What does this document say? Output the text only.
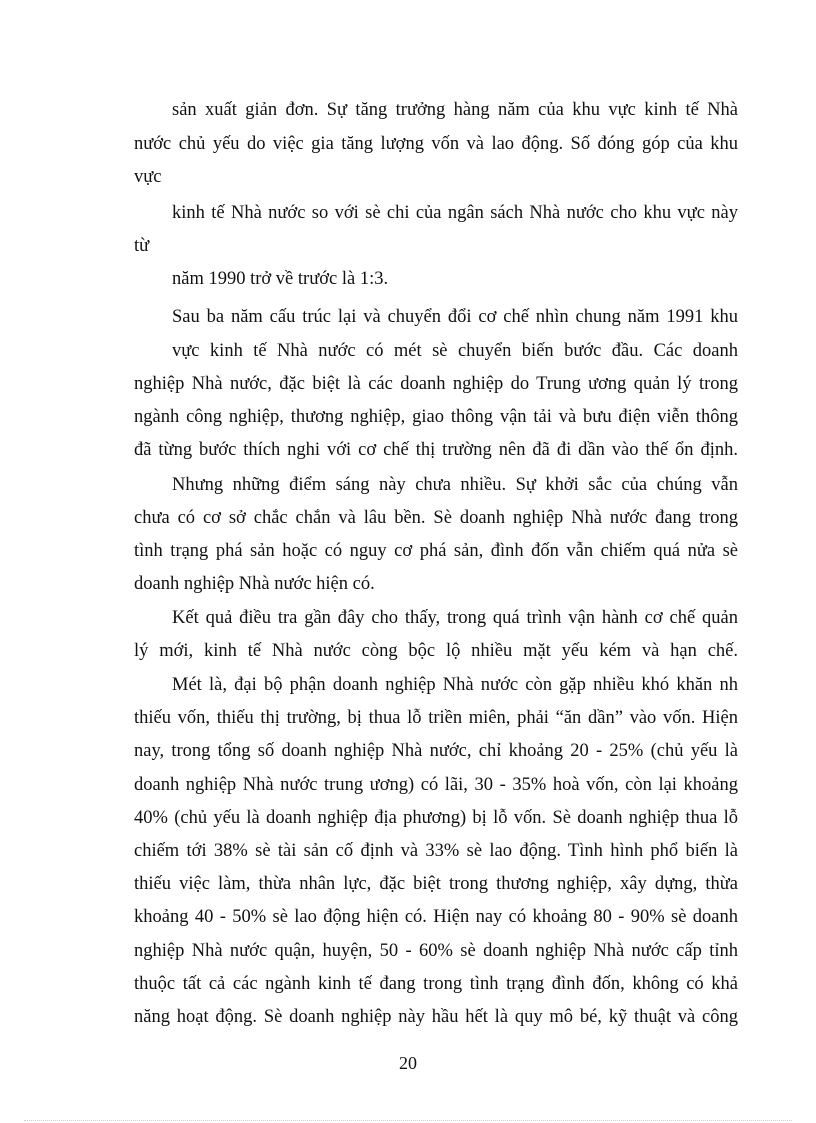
sản xuất giản đơn. Sự tăng trưởng hàng năm của khu vực kinh tế Nhà
nước chủ yếu do việc gia tăng lượng vốn và lao động. Số đóng góp của khu
vực
kinh tế Nhà nước so với sè chi của ngân sách Nhà nước cho khu vực này
từ
năm 1990 trở về trước là 1:3.
Sau ba năm cấu trúc lại và chuyển đổi cơ chế nhìn chung năm 1991 khu
vực kinh tế Nhà nước có mét sè chuyển biến bước đầu. Các doanh
nghiệp Nhà nước, đặc biệt là các doanh nghiệp do Trung ương quản lý trong
ngành công nghiệp, thương nghiệp, giao thông vận tải và bưu điện viễn thông
đã từng bước thích nghi với cơ chế thị trường nên đã đi dần vào thế ổn định.
Nhưng những điểm sáng này chưa nhiều. Sự khởi sắc của chúng vẫn
chưa có cơ sở chắc chắn và lâu bền. Sè doanh nghiệp Nhà nước đang trong
tình trạng phá sản hoặc có nguy cơ phá sản, đình đốn vẫn chiếm quá nửa sè
doanh nghiệp Nhà nước hiện có.
Kết quả điều tra gần đây cho thấy, trong quá trình vận hành cơ chế quản
lý mới, kinh tế Nhà nước còng bộc lộ nhiều mặt yếu kém và hạn chế.
Mét là, đại bộ phận doanh nghiệp Nhà nước còn gặp nhiều khó khăn nh
thiếu vốn, thiếu thị trường, bị thua lỗ triền miên, phải “ăn dần” vào vốn. Hiện
nay, trong tổng số doanh nghiệp Nhà nước, chỉ khoảng 20 - 25% (chủ yếu là
doanh nghiệp Nhà nước trung ương) có lãi, 30 - 35% hoà vốn, còn lại khoảng
40% (chủ yếu là doanh nghiệp địa phương) bị lỗ vốn. Sè doanh nghiệp thua lỗ
chiếm tới 38% sè tài sản cố định và 33% sè lao động. Tình hình phổ biến là
thiếu việc làm, thừa nhân lực, đặc biệt trong thương nghiệp, xây dựng, thừa
khoảng 40 - 50% sè lao động hiện có. Hiện nay có khoảng 80 - 90% sè doanh
nghiệp Nhà nước quận, huyện, 50 - 60% sè doanh nghiệp Nhà nước cấp tỉnh
thuộc tất cả các ngành kinh tế đang trong tình trạng đình đốn, không có khả
năng hoạt động. Sè doanh nghiệp này hầu hết là quy mô bé, kỹ thuật và công
20
